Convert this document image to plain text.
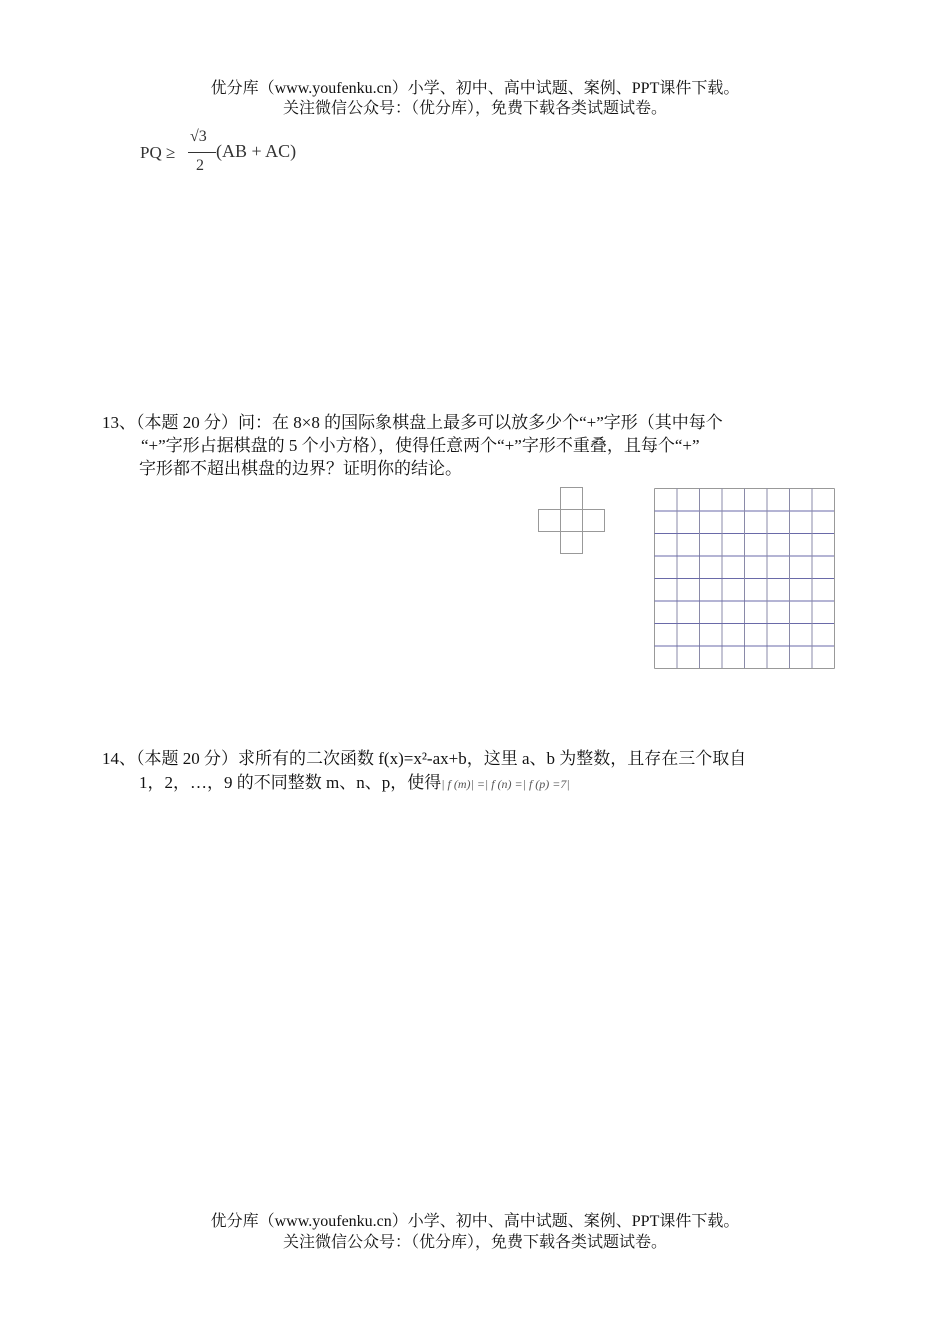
优分库（www.youfenku.cn）小学、初中、高中试题、案例、PPT课件下载。
关注微信公众号：（优分库），免费下载各类试题试卷。
PQ ≥
√3
2
(AB + AC)
13、（本题 20 分）问：在 8×8 的国际象棋盘上最多可以放多少个“+”字形（其中每个
“+”字形占据棋盘的 5 个小方格），使得任意两个“+”字形不重叠，且每个“+”
字形都不超出棋盘的边界？证明你的结论。
14、（本题 20 分）求所有的二次函数 f(x)=x²-ax+b，这里 a、b 为整数，且存在三个取自
1，2，…，9 的不同整数 m、n、p，使得| f (m)| =| f (n) =| f (p) =7|
优分库（www.youfenku.cn）小学、初中、高中试题、案例、PPT课件下载。
关注微信公众号：（优分库），免费下载各类试题试卷。
